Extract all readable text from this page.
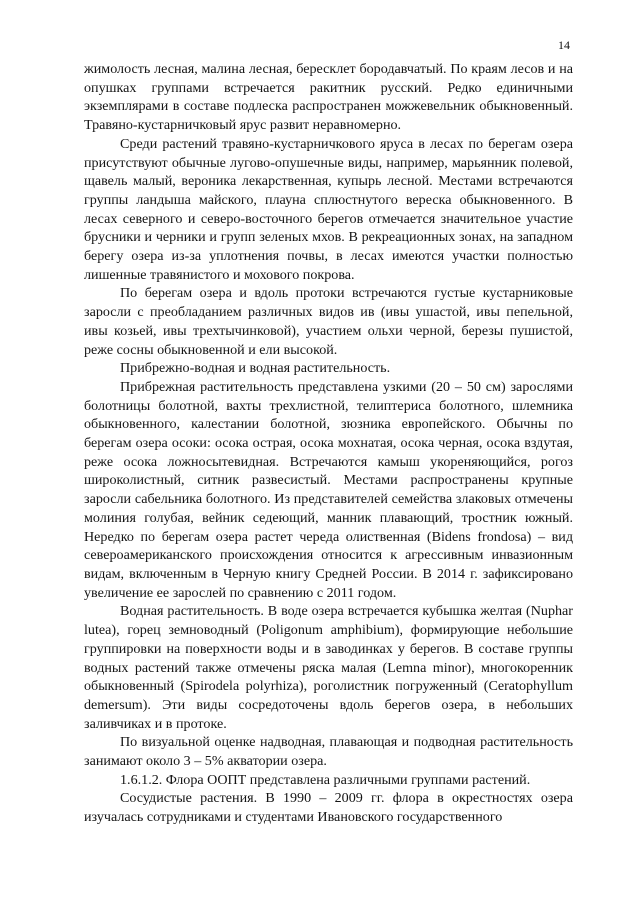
14

жимолость лесная, малина лесная, бересклет бородавчатый. По краям лесов и на опушках группами встречается ракитник русский. Редко единичными экземплярами в составе подлеска распространен можжевельник обыкновенный. Травяно-кустарничковый ярус развит неравномерно.

Среди растений травяно-кустарничкового яруса в лесах по берегам озера присутствуют обычные лугово-опушечные виды, например, марьянник полевой, щавель малый, вероника лекарственная, купырь лесной. Местами встречаются группы ландыша майского, плауна сплюстнутого вереска обыкновенного. В лесах северного и северо-восточного берегов отмечается значительное участие брусники и черники и групп зеленых мхов. В рекреационных зонах, на западном берегу озера из-за уплотнения почвы, в лесах имеются участки полностью лишенные травянистого и мохового покрова.

По берегам озера и вдоль протоки встречаются густые кустарниковые заросли с преобладанием различных видов ив (ивы ушастой, ивы пепельной, ивы козьей, ивы трехтычинковой), участием ольхи черной, березы пушистой, реже сосны обыкновенной и ели высокой.

Прибрежно-водная и водная растительность.

Прибрежная растительность представлена узкими (20 – 50 см) зарослями болотницы болотной, вахты трехлистной, телиптериса болотного, шлемника обыкновенного, калестании болотной, зюзника европейского. Обычны по берегам озера осоки: осока острая, осока мохнатая, осока черная, осока вздутая, реже осока ложносытевидная. Встречаются камыш укореняющийся, рогоз широколистный, ситник развесистый. Местами распространены крупные заросли сабельника болотного. Из представителей семейства злаковых отмечены молиния голубая, вейник седеющий, манник плавающий, тростник южный. Нередко по берегам озера растет череда олиственная (Bidens frondosa) – вид североамериканского происхождения относится к агрессивным инвазионным видам, включенным в Черную книгу Средней России. В 2014 г. зафиксировано увеличение ее зарослей по сравнению с 2011 годом.

Водная растительность. В воде озера встречается кубышка желтая (Nuphar lutea), горец земноводный (Poligonum amphibium), формирующие небольшие группировки на поверхности воды и в заводинках у берегов. В составе группы водных растений также отмечены ряска малая (Lemna minor), многокоренник обыкновенный (Spirodela polyrhiza), роголистник погруженный (Ceratophyllum demersum). Эти виды сосредоточены вдоль берегов озера, в небольших заливчиках и в протоке.

По визуальной оценке надводная, плавающая и подводная растительность занимают около 3 – 5% акватории озера.

1.6.1.2. Флора ООПТ представлена различными группами растений.

Сосудистые растения. В 1990 – 2009 гг. флора в окрестностях озера изучалась сотрудниками и студентами Ивановского государственного
